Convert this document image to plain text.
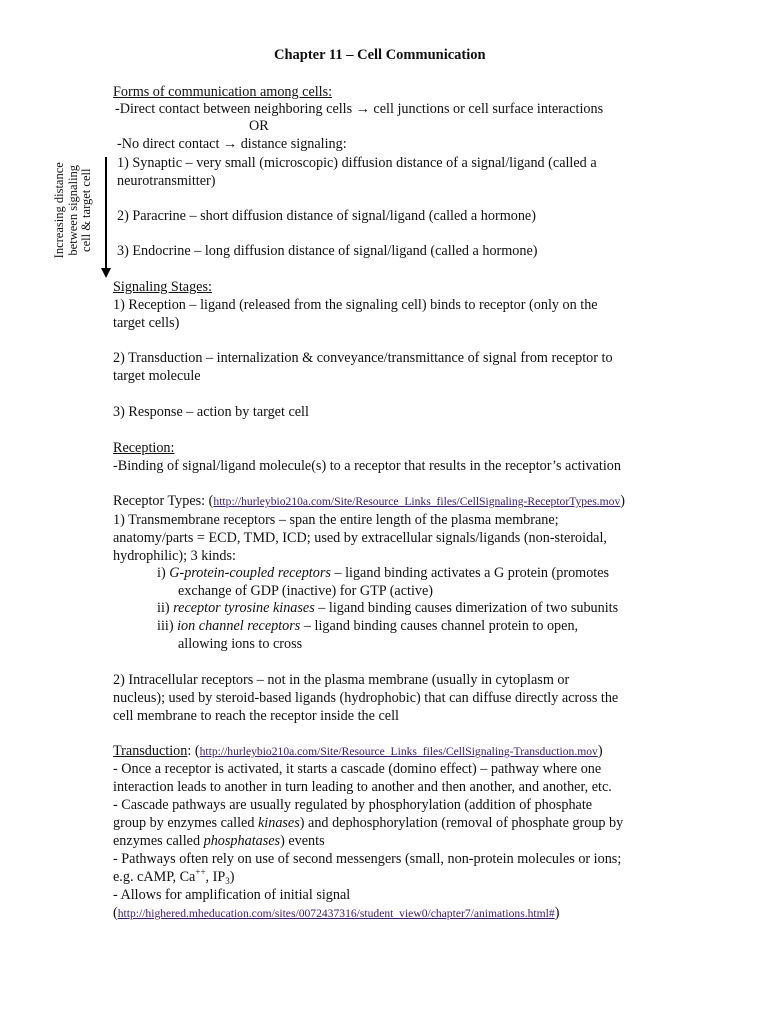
Chapter 11 – Cell Communication
Forms of communication among cells:
-Direct contact between neighboring cells → cell junctions or cell surface interactions
OR
-No direct contact → distance signaling:
1) Synaptic – very small (microscopic) diffusion distance of a signal/ligand (called a
neurotransmitter)
2) Paracrine – short diffusion distance of signal/ligand (called a hormone)
3) Endocrine – long diffusion distance of signal/ligand (called a hormone)
Increasing distance between signaling cell & target cell
Signaling Stages:
1) Reception – ligand (released from the signaling cell) binds to receptor (only on the
target cells)
2) Transduction – internalization & conveyance/transmittance of signal from receptor to
target molecule
3) Response – action by target cell
Reception:
-Binding of signal/ligand molecule(s) to a receptor that results in the receptor’s activation
Receptor Types: (http://hurleybio210a.com/Site/Resource_Links_files/CellSignaling-ReceptorTypes.mov)
1) Transmembrane receptors – span the entire length of the plasma membrane;
anatomy/parts = ECD, TMD, ICD; used by extracellular signals/ligands (non-steroidal,
hydrophilic); 3 kinds:
i) G-protein-coupled receptors – ligand binding activates a G protein (promotes
exchange of GDP (inactive) for GTP (active)
ii) receptor tyrosine kinases – ligand binding causes dimerization of two subunits
iii) ion channel receptors – ligand binding causes channel protein to open,
allowing ions to cross
2) Intracellular receptors – not in the plasma membrane (usually in cytoplasm or
nucleus); used by steroid-based ligands (hydrophobic) that can diffuse directly across the
cell membrane to reach the receptor inside the cell
Transduction: (http://hurleybio210a.com/Site/Resource_Links_files/CellSignaling-Transduction.mov)
- Once a receptor is activated, it starts a cascade (domino effect) – pathway where one
interaction leads to another in turn leading to another and then another, and another, etc.
- Cascade pathways are usually regulated by phosphorylation (addition of phosphate
group by enzymes called kinases) and dephosphorylation (removal of phosphate group by
enzymes called phosphatases) events
- Pathways often rely on use of second messengers (small, non-protein molecules or ions;
e.g. cAMP, Ca++, $IP_3$)
- Allows for amplification of initial signal
(http://highered.mheducation.com/sites/0072437316/student_view0/chapter7/animations.html#)
